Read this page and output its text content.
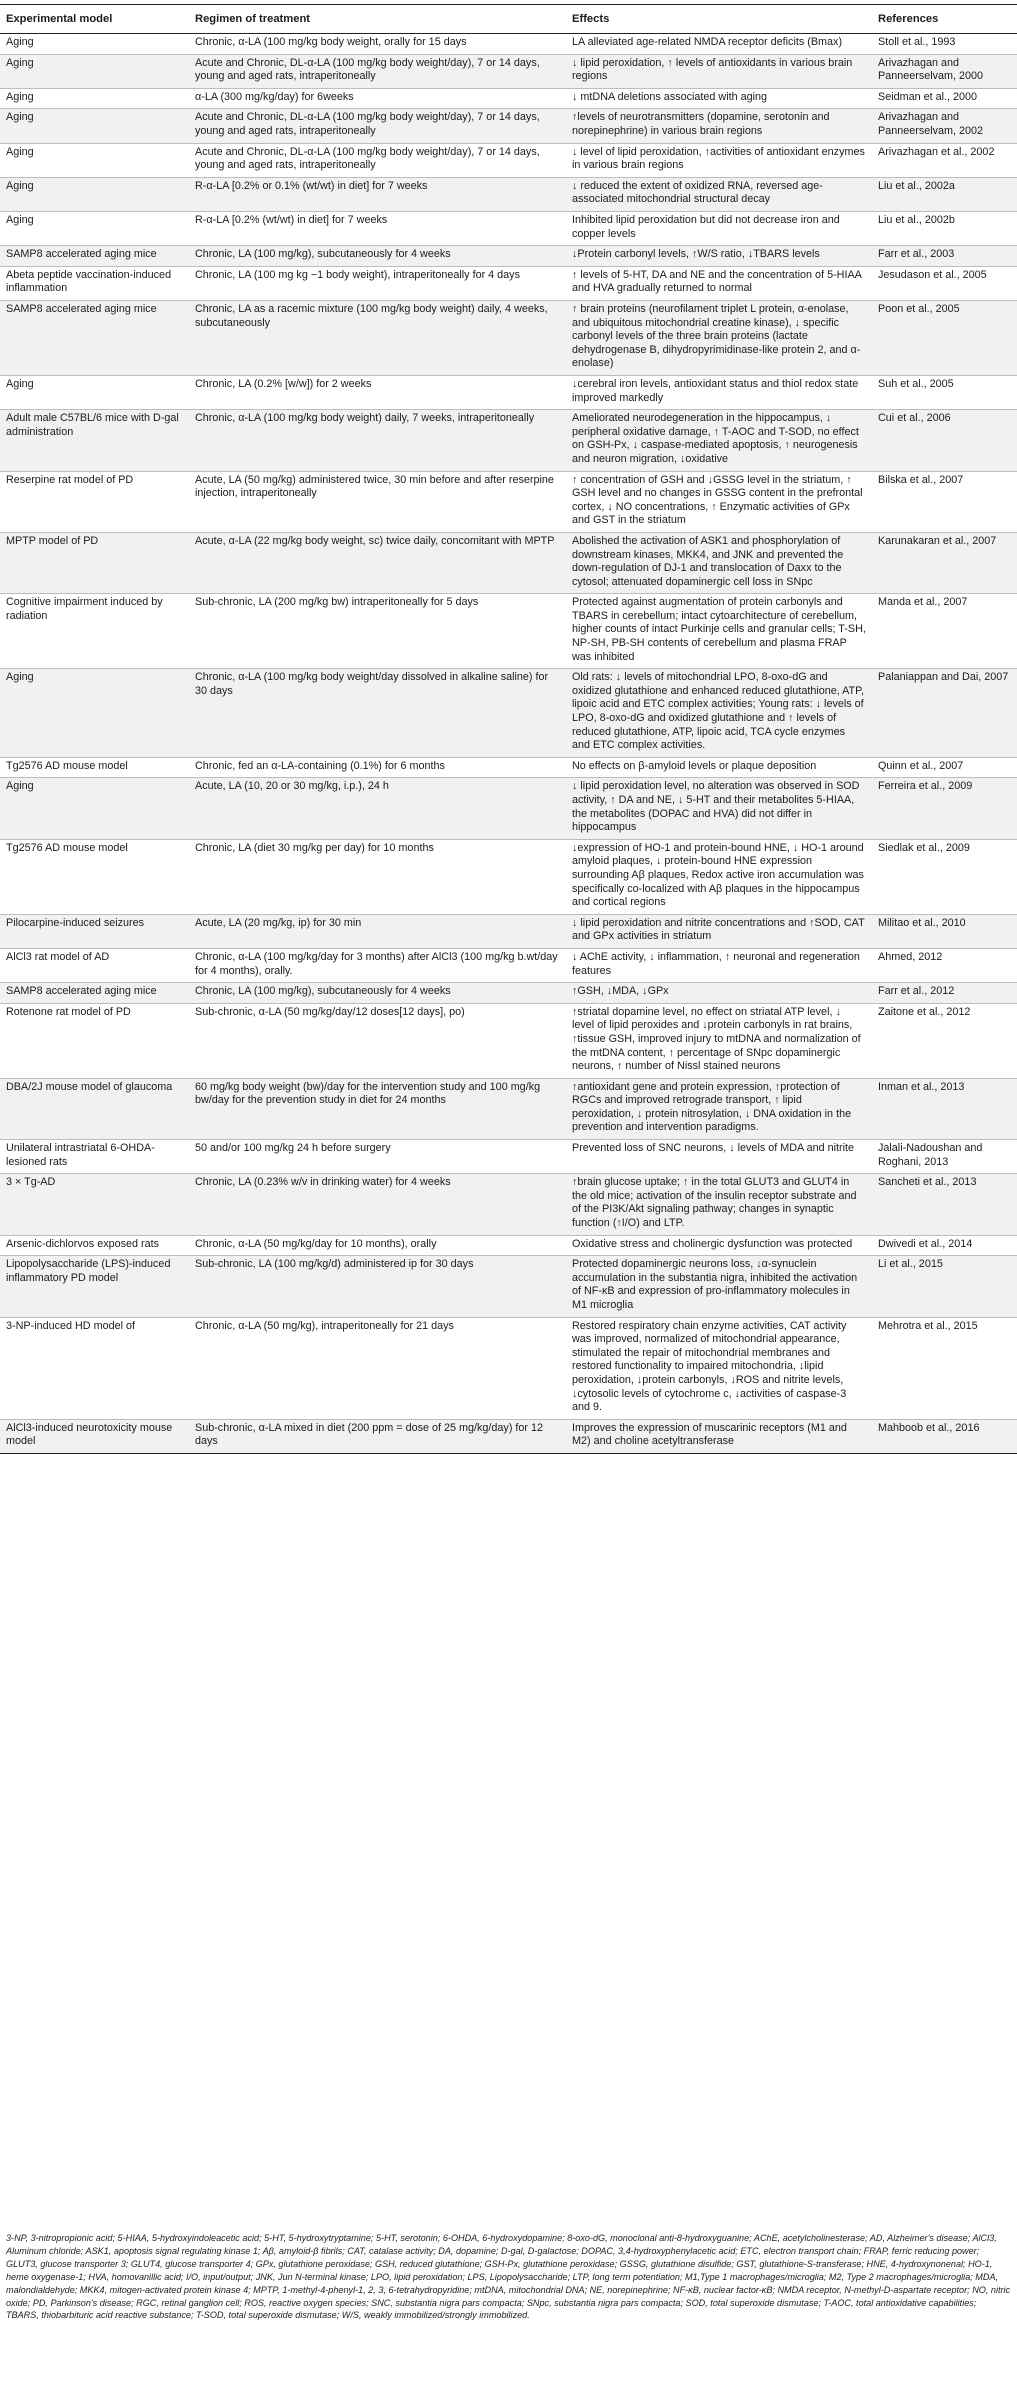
Experimental model	Regimen of treatment	Effects	References
Aging	Chronic, α-LA (100 mg/kg body weight, orally for 15 days	LA alleviated age-related NMDA receptor deficits (Bmax)	Stoll et al., 1993
Aging	Acute and Chronic, DL-α-LA (100 mg/kg body weight/day), 7 or 14 days, young and aged rats, intraperitoneally	↓ lipid peroxidation, ↑ levels of antioxidants in various brain regions	Arivazhagan and Panneerselvam, 2000
Aging	α-LA (300 mg/kg/day) for 6weeks	↓ mtDNA deletions associated with aging	Seidman et al., 2000
Aging	Acute and Chronic, DL-α-LA (100 mg/kg body weight/day), 7 or 14 days, young and aged rats, intraperitoneally	↑levels of neurotransmitters (dopamine, serotonin and norepinephrine) in various brain regions	Arivazhagan and Panneerselvam, 2002
Aging	Acute and Chronic, DL-α-LA (100 mg/kg body weight/day), 7 or 14 days, young and aged rats, intraperitoneally	↓ level of lipid peroxidation, ↑activities of antioxidant enzymes in various brain regions	Arivazhagan et al., 2002
Aging	R-α-LA [0.2% or 0.1% (wt/wt) in diet] for 7 weeks	↓ reduced the extent of oxidized RNA, reversed age-associated mitochondrial structural decay	Liu et al., 2002a
Aging	R-α-LA [0.2% (wt/wt) in diet] for 7 weeks	Inhibited lipid peroxidation but did not decrease iron and copper levels	Liu et al., 2002b
SAMP8 accelerated aging mice	Chronic, LA (100 mg/kg), subcutaneously for 4 weeks	↓Protein carbonyl levels, ↑W/S ratio, ↓TBARS levels	Farr et al., 2003
Abeta peptide vaccination-induced inflammation	Chronic, LA (100 mg kg −1 body weight), intraperitoneally for 4 days	↑ levels of 5-HT, DA and NE and the concentration of 5-HIAA and HVA gradually returned to normal	Jesudason et al., 2005
SAMP8 accelerated aging mice	Chronic, LA as a racemic mixture (100 mg/kg body weight) daily, 4 weeks, subcutaneously	↑ brain proteins (neurofilament triplet L protein, α-enolase, and ubiquitous mitochondrial creatine kinase), ↓ specific carbonyl levels of the three brain proteins (lactate dehydrogenase B, dihydropyrimidinase-like protein 2, and α-enolase)	Poon et al., 2005
Aging	Chronic, LA (0.2% [w/w]) for 2 weeks	↓cerebral iron levels, antioxidant status and thiol redox state improved markedly	Suh et al., 2005
Adult male C57BL/6 mice with D-gal administration	Chronic, α-LA (100 mg/kg body weight) daily, 7 weeks, intraperitoneally	Ameliorated neurodegeneration in the hippocampus, ↓ peripheral oxidative damage, ↑ T-AOC and T-SOD, no effect on GSH-Px, ↓ caspase-mediated apoptosis, ↑ neurogenesis and neuron migration, ↓oxidative	Cui et al., 2006
Reserpine rat model of PD	Acute, LA (50 mg/kg) administered twice, 30 min before and after reserpine injection, intraperitoneally	↑ concentration of GSH and ↓GSSG level in the striatum, ↑ GSH level and no changes in GSSG content in the prefrontal cortex, ↓ NO concentrations, ↑ Enzymatic activities of GPx and GST in the striatum	Bilska et al., 2007
MPTP model of PD	Acute, α-LA (22 mg/kg body weight, sc) twice daily, concomitant with MPTP	Abolished the activation of ASK1 and phosphorylation of downstream kinases, MKK4, and JNK and prevented the down-regulation of DJ-1 and translocation of Daxx to the cytosol; attenuated dopaminergic cell loss in SNpc	Karunakaran et al., 2007
Cognitive impairment induced by radiation	Sub-chronic, LA (200 mg/kg bw) intraperitoneally for 5 days	Protected against augmentation of protein carbonyls and TBARS in cerebellum; intact cytoarchitecture of cerebellum, higher counts of intact Purkinje cells and granular cells; T-SH, NP-SH, PB-SH contents of cerebellum and plasma FRAP was inhibited	Manda et al., 2007
Aging	Chronic, α-LA (100 mg/kg body weight/day dissolved in alkaline saline) for 30 days	Old rats: ↓ levels of mitochondrial LPO, 8-oxo-dG and oxidized glutathione and enhanced reduced glutathione, ATP, lipoic acid and ETC complex activities; Young rats: ↓ levels of LPO, 8-oxo-dG and oxidized glutathione and ↑ levels of reduced glutathione, ATP, lipoic acid, TCA cycle enzymes and ETC complex activities.	Palaniappan and Dai, 2007
Tg2576 AD mouse model	Chronic, fed an α-LA-containing (0.1%) for 6 months	No effects on β-amyloid levels or plaque deposition	Quinn et al., 2007
Aging	Acute, LA (10, 20 or 30 mg/kg, i.p.), 24 h	↓ lipid peroxidation level, no alteration was observed in SOD activity, ↑ DA and NE, ↓ 5-HT and their metabolites 5-HIAA, the metabolites (DOPAC and HVA) did not differ in hippocampus	Ferreira et al., 2009
Tg2576 AD mouse model	Chronic, LA (diet 30 mg/kg per day) for 10 months	↓expression of HO-1 and protein-bound HNE, ↓ HO-1 around amyloid plaques, ↓ protein-bound HNE expression surrounding Aβ plaques, Redox active iron accumulation was specifically co-localized with Aβ plaques in the hippocampus and cortical regions	Siedlak et al., 2009
Pilocarpine-induced seizures	Acute, LA (20 mg/kg, ip) for 30 min	↓ lipid peroxidation and nitrite concentrations and ↑SOD, CAT and GPx activities in striatum	Militao et al., 2010
AlCl3 rat model of AD	Chronic, α-LA (100 mg/kg/day for 3 months) after AlCl3 (100 mg/kg b.wt/day for 4 months), orally.	↓ AChE activity, ↓ inflammation, ↑ neuronal and regeneration features	Ahmed, 2012
SAMP8 accelerated aging mice	Chronic, LA (100 mg/kg), subcutaneously for 4 weeks	↑GSH, ↓MDA, ↓GPx	Farr et al., 2012
Rotenone rat model of PD	Sub-chronic, α-LA (50 mg/kg/day/12 doses[12 days], po)	↑striatal dopamine level, no effect on striatal ATP level, ↓ level of lipid peroxides and ↓protein carbonyls in rat brains, ↑tissue GSH, improved injury to mtDNA and normalization of the mtDNA content, ↑ percentage of SNpc dopaminergic neurons, ↑ number of Nissl stained neurons	Zaitone et al., 2012
DBA/2J mouse model of glaucoma	60 mg/kg body weight (bw)/day for the intervention study and 100 mg/kg bw/day for the prevention study in diet for 24 months	↑antioxidant gene and protein expression, ↑protection of RGCs and improved retrograde transport, ↑ lipid peroxidation, ↓ protein nitrosylation, ↓ DNA oxidation in the prevention and intervention paradigms.	Inman et al., 2013
Unilateral intrastriatal 6-OHDA-lesioned rats	50 and/or 100 mg/kg 24 h before surgery	Prevented loss of SNC neurons, ↓ levels of MDA and nitrite	Jalali-Nadoushan and Roghani, 2013
3 × Tg-AD	Chronic, LA (0.23% w/v in drinking water) for 4 weeks	↑brain glucose uptake; ↑ in the total GLUT3 and GLUT4 in the old mice; activation of the insulin receptor substrate and of the PI3K/Akt signaling pathway; changes in synaptic function (↑I/O) and LTP.	Sancheti et al., 2013
Arsenic-dichlorvos exposed rats	Chronic, α-LA (50 mg/kg/day for 10 months), orally	Oxidative stress and cholinergic dysfunction was protected	Dwivedi et al., 2014
Lipopolysaccharide (LPS)-induced inflammatory PD model	Sub-chronic, LA (100 mg/kg/d) administered ip for 30 days	Protected dopaminergic neurons loss, ↓α-synuclein accumulation in the substantia nigra, inhibited the activation of NF-κB and expression of pro-inflammatory molecules in M1 microglia	Li et al., 2015
3-NP-induced HD model of	Chronic, α-LA (50 mg/kg), intraperitoneally for 21 days	Restored respiratory chain enzyme activities, CAT activity was improved, normalized of mitochondrial appearance, stimulated the repair of mitochondrial membranes and restored functionality to impaired mitochondria, ↓lipid peroxidation, ↓protein carbonyls, ↓ROS and nitrite levels, ↓cytosolic levels of cytochrome c, ↓activities of caspase-3 and 9.	Mehrotra et al., 2015
AlCl3-induced neurotoxicity mouse model	Sub-chronic, α-LA mixed in diet (200 ppm = dose of 25 mg/kg/day) for 12 days	Improves the expression of muscarinic receptors (M1 and M2) and choline acetyltransferase	Mahboob et al., 2016
3-NP, 3-nitropropionic acid; 5-HIAA, 5-hydroxyindoleacetic acid; 5-HT, 5-hydroxytryptamine; 5-HT, serotonin; 6-OHDA, 6-hydroxydopamine; 8-oxo-dG, monoclonal anti-8-hydroxyguanine; AChE, acetylcholinesterase; AD, Alzheimer's disease; AlCl3, Aluminum chloride; ASK1, apoptosis signal regulating kinase 1; Aβ, amyloid-β fibrils; CAT, catalase activity; DA, dopamine; D-gal, D-galactose; DOPAC, 3,4-hydroxyphenylacetic acid; ETC, electron transport chain; FRAP, ferric reducing power; GLUT3, glucose transporter 3; GLUT4, glucose transporter 4; GPx, glutathione peroxidase; GSH, reduced glutathione; GSH-Px, glutathione peroxidase; GSSG, glutathione disulfide; GST, glutathione-S-transferase; HNE, 4-hydroxynonenal; HO-1, heme oxygenase-1; HVA, homovanillic acid; I/O, input/output; JNK, Jun N-terminal kinase; LPO, lipid peroxidation; LPS, Lipopolysaccharide; LTP, long term potentiation; M1,Type 1 macrophages/microglia; M2, Type 2 macrophages/microglia; MDA, malondialdehyde; MKK4, mitogen-activated protein kinase 4; MPTP, 1-methyl-4-phenyl-1, 2, 3, 6-tetrahydropyridine; mtDNA, mitochondrial DNA; NE, norepinephrine; NF-κB, nuclear factor-κB; NMDA receptor, N-methyl-D-aspartate receptor; NO, nitric oxide; PD, Parkinson's disease; RGC, retinal ganglion cell; ROS, reactive oxygen species; SNC, substantia nigra pars compacta; SNpc, substantia nigra pars compacta; SOD, total superoxide dismutase; T-AOC, total antioxidative capabilities; TBARS, thiobarbituric acid reactive substance; T-SOD, total superoxide dismutase; W/S, weakly immobilized/strongly immobilized.
